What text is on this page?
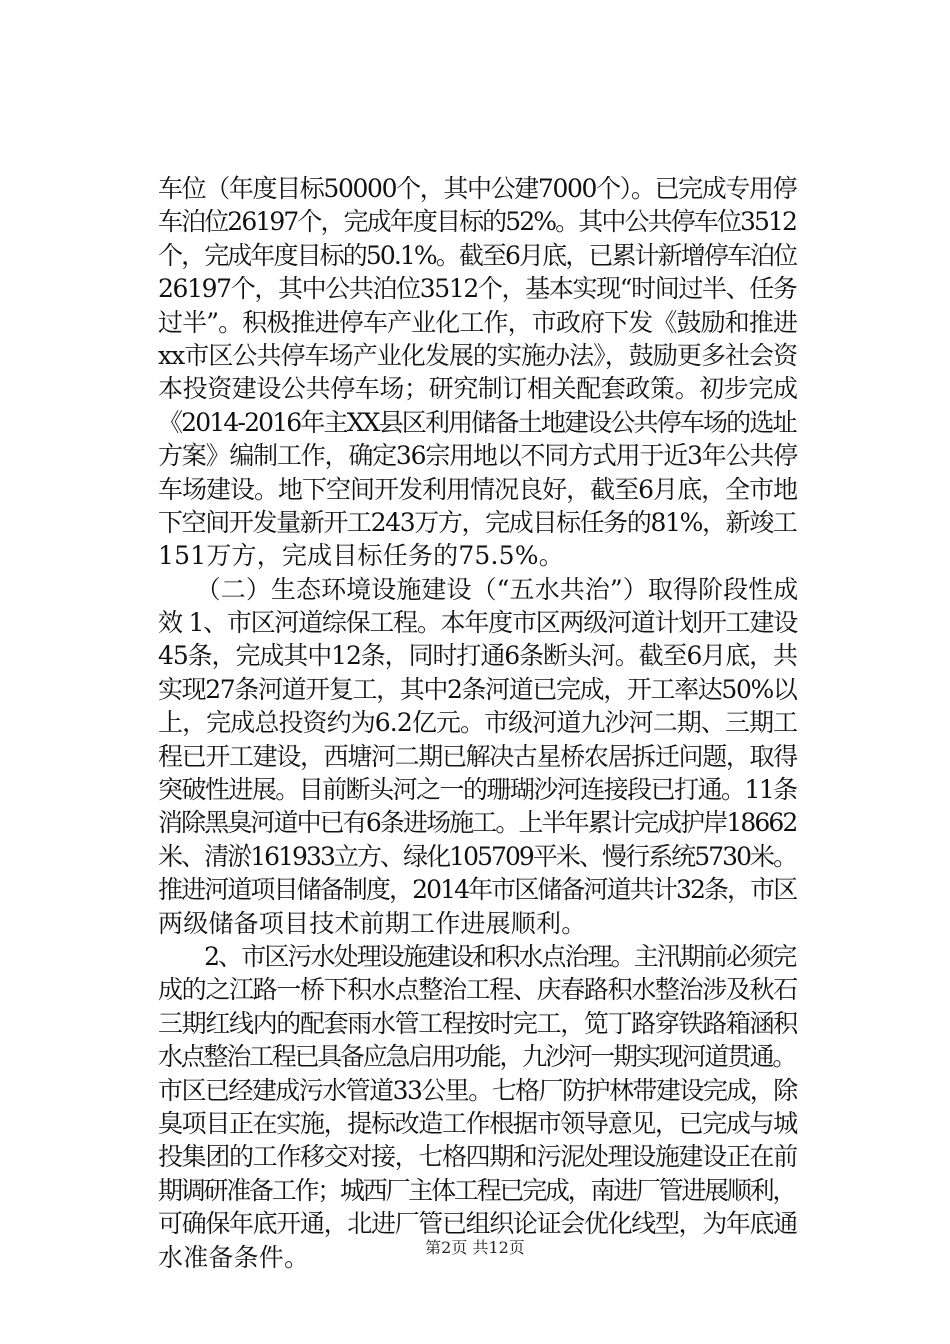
车位（年度目标50000个，其中公建7000个）。已完成专用停
车泊位26197个，完成年度目标的52%。其中公共停车位3512
个，完成年度目标的50.1%。截至6月底，已累计新增停车泊位
26197个，其中公共泊位3512个，基本实现“时间过半、任务
过半”。积极推进停车产业化工作，市政府下发《鼓励和推进
xx市区公共停车场产业化发展的实施办法》，鼓励更多社会资
本投资建设公共停车场；研究制订相关配套政策。初步完成
《2014-2016年主XX县区利用储备土地建设公共停车场的选址
方案》编制工作，确定36宗用地以不同方式用于近3年公共停
车场建设。地下空间开发利用情况良好，截至6月底，全市地
下空间开发量新开工243万方，完成目标任务的81%，新竣工
151万方，完成目标任务的75.5%。
　　（二）生态环境设施建设（“五水共治”）取得阶段性成
效 1、市区河道综保工程。本年度市区两级河道计划开工建设
45条，完成其中12条，同时打通6条断头河。截至6月底，共
实现27条河道开复工，其中2条河道已完成，开工率达50%以
上，完成总投资约为6.2亿元。市级河道九沙河二期、三期工
程已开工建设，西塘河二期已解决古星桥农居拆迁问题，取得
突破性进展。目前断头河之一的珊瑚沙河连接段已打通。11条
消除黑臭河道中已有6条进场施工。上半年累计完成护岸18662
米、清淤161933立方、绿化105709平米、慢行系统5730米。
推进河道项目储备制度，2014年市区储备河道共计32条，市区
两级储备项目技术前期工作进展顺利。
　　2、市区污水处理设施建设和积水点治理。主汛期前必须完
成的之江路一桥下积水点整治工程、庆春路积水整治涉及秋石
三期红线内的配套雨水管工程按时完工，笕丁路穿铁路箱涵积
水点整治工程已具备应急启用功能，九沙河一期实现河道贯通。
市区已经建成污水管道33公里。七格厂防护林带建设完成，除
臭项目正在实施，提标改造工作根据市领导意见，已完成与城
投集团的工作移交对接，七格四期和污泥处理设施建设正在前
期调研准备工作；城西厂主体工程已完成，南进厂管进展顺利，
可确保年底开通，北进厂管已组织论证会优化线型，为年底通
水准备条件。	第2页 共12页
